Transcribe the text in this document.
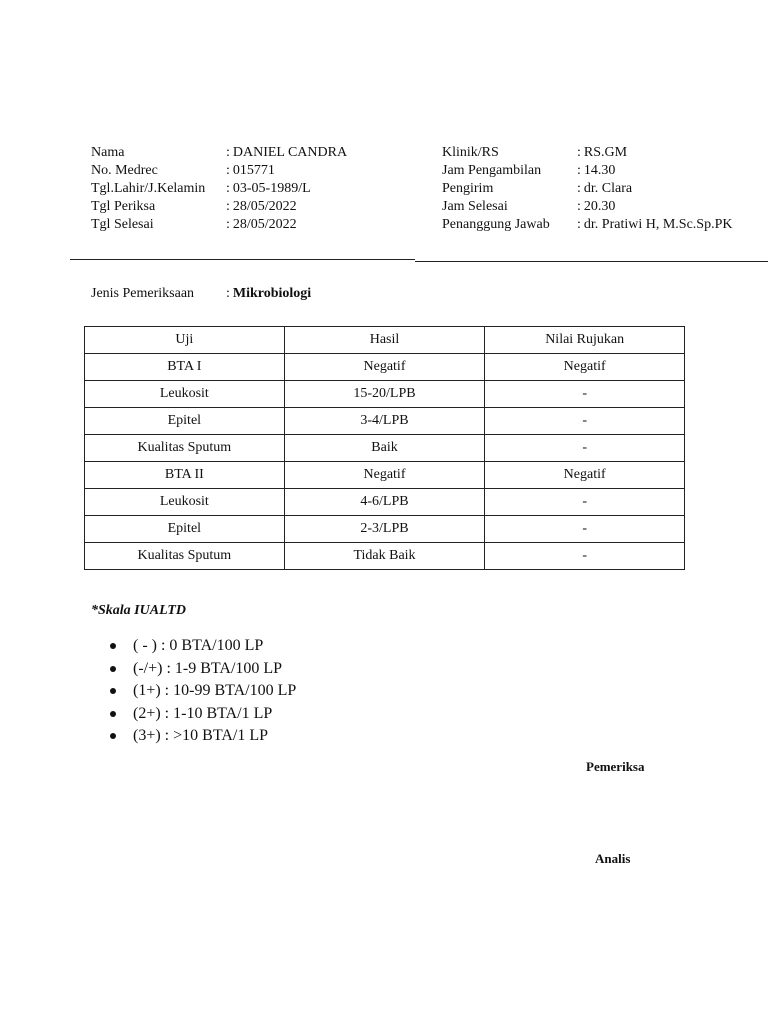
Nama	: DANIEL CANDRA
No. Medrec	: 015771
Tgl.Lahir/J.Kelamin	: 03-05-1989/L
Tgl Periksa	: 28/05/2022
Tgl Selesai	: 28/05/2022
Klinik/RS	: RS.GM
Jam Pengambilan	: 14.30
Pengirim	: dr. Clara
Jam Selesai	: 20.30
Penanggung Jawab	: dr. Pratiwi H, M.Sc.Sp.PK
Jenis Pemeriksaan	: Mikrobiologi
Uji	Hasil	Nilai Rujukan
BTA I	Negatif	Negatif
Leukosit	15-20/LPB	-
Epitel	3-4/LPB	-
Kualitas Sputum	Baik	-
BTA II	Negatif	Negatif
Leukosit	4-6/LPB	-
Epitel	2-3/LPB	-
Kualitas Sputum	Tidak Baik	-
*Skala IUALTD
( - ) : 0 BTA/100 LP
(-/+) : 1-9 BTA/100 LP
(1+) : 10-99 BTA/100 LP
(2+) : 1-10 BTA/1 LP
(3+) : >10 BTA/1 LP
Pemeriksa
Analis
